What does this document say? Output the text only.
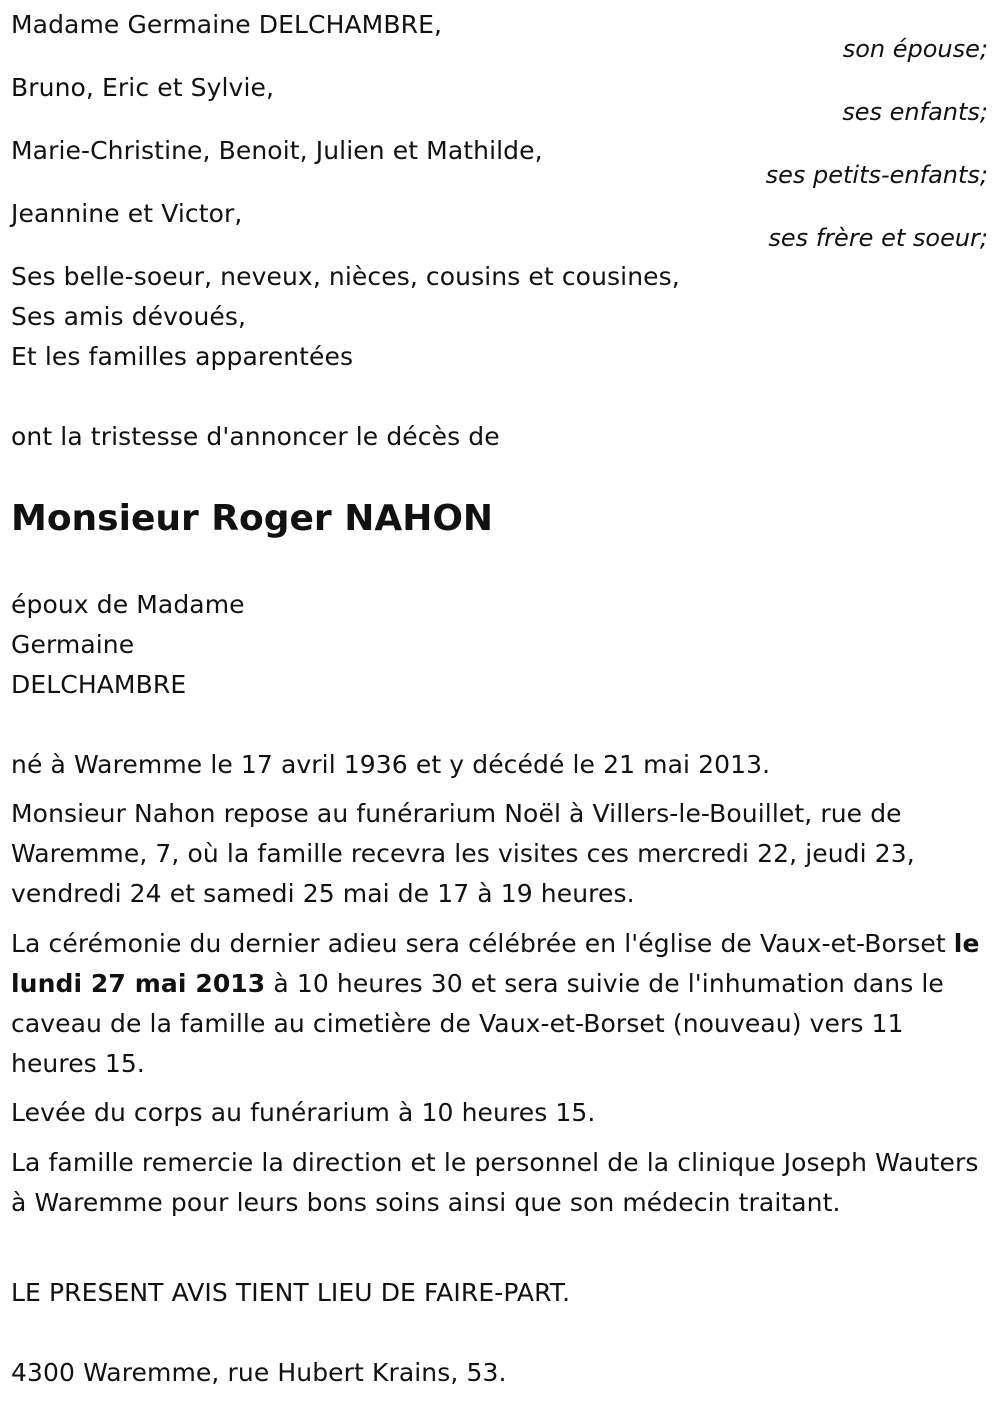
Madame Germaine DELCHAMBRE,
son épouse;
Bruno, Eric et Sylvie,
ses enfants;
Marie-Christine, Benoit, Julien et Mathilde,
ses petits-enfants;
Jeannine et Victor,
ses frère et soeur;
Ses belle-soeur, neveux, nièces, cousins et cousines,
Ses amis dévoués,
Et les familles apparentées
ont la tristesse d'annoncer le décès de
Monsieur Roger NAHON
époux de Madame
Germaine
DELCHAMBRE
né à Waremme le 17 avril 1936 et y décédé le 21 mai 2013.
Monsieur Nahon repose au funérarium Noël à Villers-le-Bouillet, rue de Waremme, 7, où la famille recevra les visites ces mercredi 22, jeudi 23, vendredi 24 et samedi 25 mai de 17 à 19 heures.
La cérémonie du dernier adieu sera célébrée en l'église de Vaux-et-Borset le lundi 27 mai 2013 à 10 heures 30 et sera suivie de l'inhumation dans le caveau de la famille au cimetière de Vaux-et-Borset (nouveau) vers 11 heures 15.
Levée du corps au funérarium à 10 heures 15.
La famille remercie la direction et le personnel de la clinique Joseph Wauters à Waremme pour leurs bons soins ainsi que son médecin traitant.
LE PRESENT AVIS TIENT LIEU DE FAIRE-PART.
4300 Waremme, rue Hubert Krains, 53.
